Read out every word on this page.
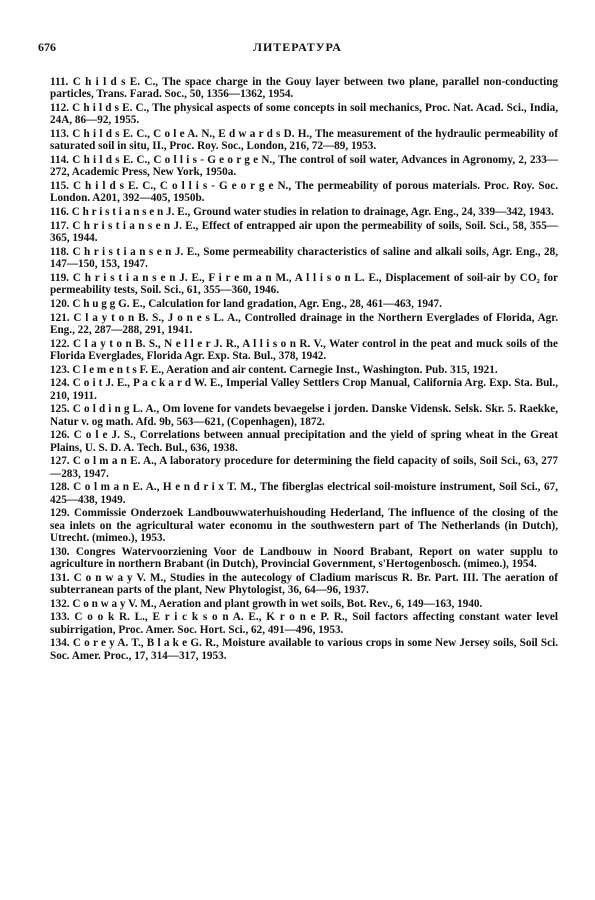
676	ЛИТЕРАТУРА
111. C h i l d s E. C., The space charge in the Gouy layer between two plane, parallel non-conducting particles, Trans. Farad. Soc., 50, 1356—1362, 1954.
112. C h i l d s E. C., The physical aspects of some concepts in soil mechanics, Proc. Nat. Acad. Sci., India, 24A, 86—92, 1955.
113. C h i l d s E. C., C o l e A. N., E d w a r d s D. H., The measurement of the hydraulic permeability of saturated soil in situ, II., Proc. Roy. Soc., London, 216, 72—89, 1953.
114. C h i l d s E. C., C o l l i s - G e o r g e N., The control of soil water, Advances in Agronomy, 2, 233—272, Academic Press, New York, 1950a.
115. C h i l d s E. C., C o l l i s - G e o r g e N., The permeability of porous materials. Proc. Roy. Soc. London. A201, 392—405, 1950b.
116. C h r i s t i a n s e n J. E., Ground water studies in relation to drainage, Agr. Eng., 24, 339—342, 1943.
117. C h r i s t i a n s e n J. E., Effect of entrapped air upon the permeability of soils, Soil. Sci., 58, 355—365, 1944.
118. C h r i s t i a n s e n J. E., Some permeability characteristics of saline and alkali soils, Agr. Eng., 28, 147—150, 153, 1947.
119. C h r i s t i a n s e n J. E., F i r e m a n M., A l l i s o n L. E., Displacement of soil-air by CO₂ for permeability tests, Soil. Sci., 61, 355—360, 1946.
120. C h u g g G. E., Calculation for land gradation, Agr. Eng., 28, 461—463, 1947.
121. C l a y t o n B. S., J o n e s L. A., Controlled drainage in the Northern Everglades of Florida, Agr. Eng., 22, 287—288, 291, 1941.
122. C l a y t o n B. S., N e l l e r J. R., A l l i s o n R. V., Water control in the peat and muck soils of the Florida Everglades, Florida Agr. Exp. Sta. Bul., 378, 1942.
123. C l e m e n t s F. E., Aeration and air content. Carnegie Inst., Washington. Pub. 315, 1921.
124. C o i t J. E., P a c k a r d W. E., Imperial Valley Settlers Crop Manual, California Arg. Exp. Sta. Bul., 210, 1911.
125. C o l d i n g L. A., Om lovene for vandets bevaegelse i jorden. Danske Vidensk. Selsk. Skr. 5. Raekke, Natur v. og math. Afd. 9b, 563—621, (Copenhagen), 1872.
126. C o l e J. S., Correlations between annual precipitation and the yield of spring wheat in the Great Plains, U. S. D. A. Tech. Bul., 636, 1938.
127. C o l m a n E. A., A laboratory procedure for determining the field capacity of soils, Soil Sci., 63, 277—283, 1947.
128. C o l m a n E. A., H e n d r i x T. M., The fiberglas electrical soil-moisture instrument, Soil Sci., 67, 425—438, 1949.
129. Commissie Onderzoek Landbouwwaterhuishouding Hederland, The influence of the closing of the sea inlets on the agricultural water economu in the southwestern part of The Netherlands (in Dutch), Utrecht. (mimeo.), 1953.
130. Congres Watervoorziening Voor de Landbouw in Noord Brabant, Report on water supplu to agriculture in northern Brabant (in Dutch), Provincial Government, s'Hertogenbosch. (mimeo.), 1954.
131. C o n w a y V. M., Studies in the autecology of Cladium mariscus R. Br. Part. III. The aeration of subterranean parts of the plant, New Phytologist, 36, 64—96, 1937.
132. C o n w a y V. M., Aeration and plant growth in wet soils, Bot. Rev., 6, 149—163, 1940.
133. C o o k R. L., E r i c k s o n A. E., K r o n e P. R., Soil factors affecting constant water level subirrigation, Proc. Amer. Soc. Hort. Sci., 62, 491—496, 1953.
134. C o r e y A. T., B l a k e G. R., Moisture available to various crops in some New Jersey soils, Soil Sci. Soc. Amer. Proc., 17, 314—317, 1953.
